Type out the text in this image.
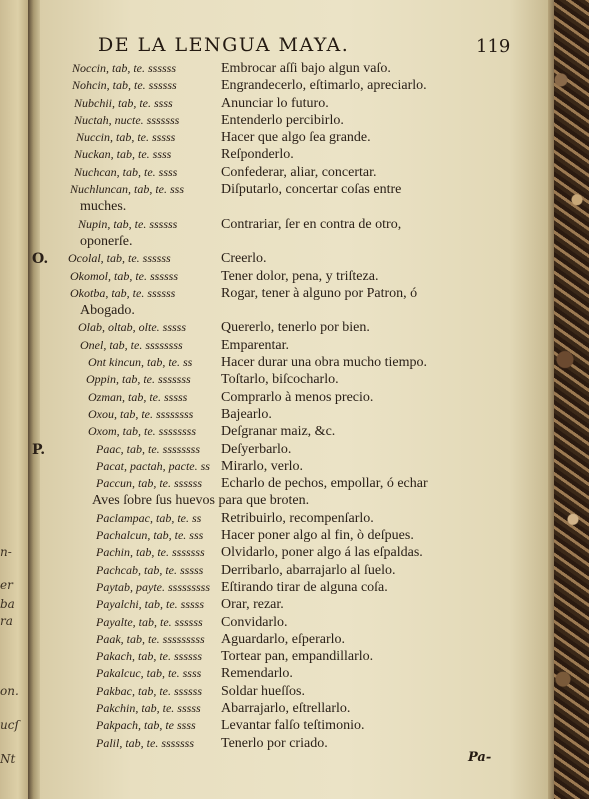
n-
er
ba
ra
on.
ucſ
Nt
DE LA LENGUA MAYA.	119
Noccin, tab, te. ssssss	Embrocar aſſi bajo algun vaſo.
Nohcin, tab, te. ssssss	Engrandecerlo, eſtimarlo, apreciarlo.
Nubchii, tab, te. ssss	Anunciar lo futuro.
Nuctah, nucte. sssssss	Entenderlo percibirlo.
Nuccin, tab, te. sssss	Hacer que algo ſea grande.
Nuckan, tab, te. ssss	Reſponderlo.
Nuchcan, tab, te. ssss	Confederar, aliar, concertar.
Nuchluncan, tab, te. sss	Diſputarlo, concertar coſas entre
muches.
Nupin, tab, te. ssssss	Contrariar, ſer en contra de otro,
oponerſe.
O. Ocolal, tab, te. ssssss	Creerlo.
Okomol, tab, te. ssssss	Tener dolor, pena, y triſteza.
Okotba, tab, te. ssssss	Rogar, tener à alguno por Patron, ó
Abogado.
Olab, oltab, olte. sssss Quererlo, tenerlo por bien.
Onel, tab, te. ssssssss	Emparentar.
Ont kincun, tab, te. ss Hacer durar una obra mucho tiempo.
Oppin, tab, te. sssssss Toſtarlo, biſcocharlo.
Ozman, tab, te. sssss Comprarlo à menos precio.
Oxou, tab, te. ssssssss Bajearlo.
Oxom, tab, te. ssssssss Deſgranar maiz, &c.
P.	Paac, tab, te. ssssssss Deſyerbarlo.
Pacat, pactah, pacte. ss Mirarlo, verlo.
Paccun, tab, te. ssssss Echarlo de pechos, empollar, ó echar
Aves ſobre ſus huevos para que broten.
Paclampac, tab, te. ss Retribuirlo, recompenſarlo.
Pachalcun, tab, te. sss Hacer poner algo al fin, ò deſpues.
Pachin, tab, te. sssssss Olvidarlo, poner algo á las eſpaldas.
Pachcab, tab, te. sssss Derribarlo, abarrajarlo al ſuelo.
Paytab, payte. sssssssss Eſtirando tirar de alguna coſa.
Payalchi, tab, te. sssss Orar, rezar.
Payalte, tab, te. ssssss Convidarlo.
Paak, tab, te. sssssssss Aguardarlo, eſperarlo.
Pakach, tab, te. ssssss Tortear pan, empandillarlo.
Pakalcuc, tab, te. ssss Remendarlo.
Pakbac, tab, te. ssssss Soldar hueſſos.
Pakchin, tab, te. sssss Abarrajarlo, eſtrellarlo.
Pakpach, tab, te ssss Levantar falſo teſtimonio.
Palil, tab, te. sssssss Tenerlo por criado.
Pa-
